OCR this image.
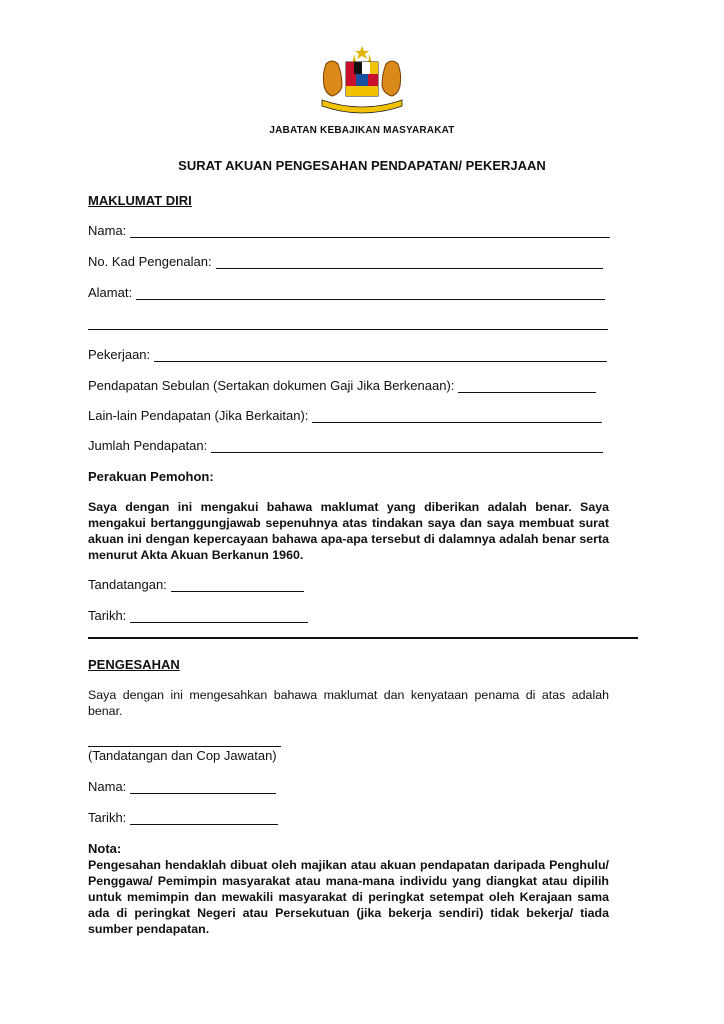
JABATAN KEBAJIKAN MASYARAKAT
SURAT AKUAN PENGESAHAN PENDAPATAN/ PEKERJAAN
MAKLUMAT DIRI
Nama:
No. Kad Pengenalan:
Alamat:
Pekerjaan:
Pendapatan Sebulan (Sertakan dokumen Gaji Jika Berkenaan):
Lain-lain Pendapatan (Jika Berkaitan):
Jumlah Pendapatan:
Perakuan Pemohon:
Saya dengan ini mengakui bahawa maklumat yang diberikan adalah benar. Saya mengakui bertanggungjawab sepenuhnya atas tindakan saya dan saya membuat surat akuan ini dengan kepercayaan bahawa apa-apa tersebut di dalamnya adalah benar serta menurut Akta Akuan Berkanun 1960.
Tandatangan:
Tarikh:
PENGESAHAN
Saya dengan ini mengesahkan bahawa maklumat dan kenyataan penama di atas adalah benar.
(Tandatangan dan Cop Jawatan)
Nama:
Tarikh:
Nota:
Pengesahan hendaklah dibuat oleh majikan atau akuan pendapatan daripada Penghulu/ Penggawa/ Pemimpin masyarakat atau mana-mana individu yang diangkat atau dipilih untuk memimpin dan mewakili masyarakat di peringkat setempat oleh Kerajaan sama ada di peringkat Negeri atau Persekutuan (jika bekerja sendiri) tidak bekerja/ tiada sumber pendapatan.
